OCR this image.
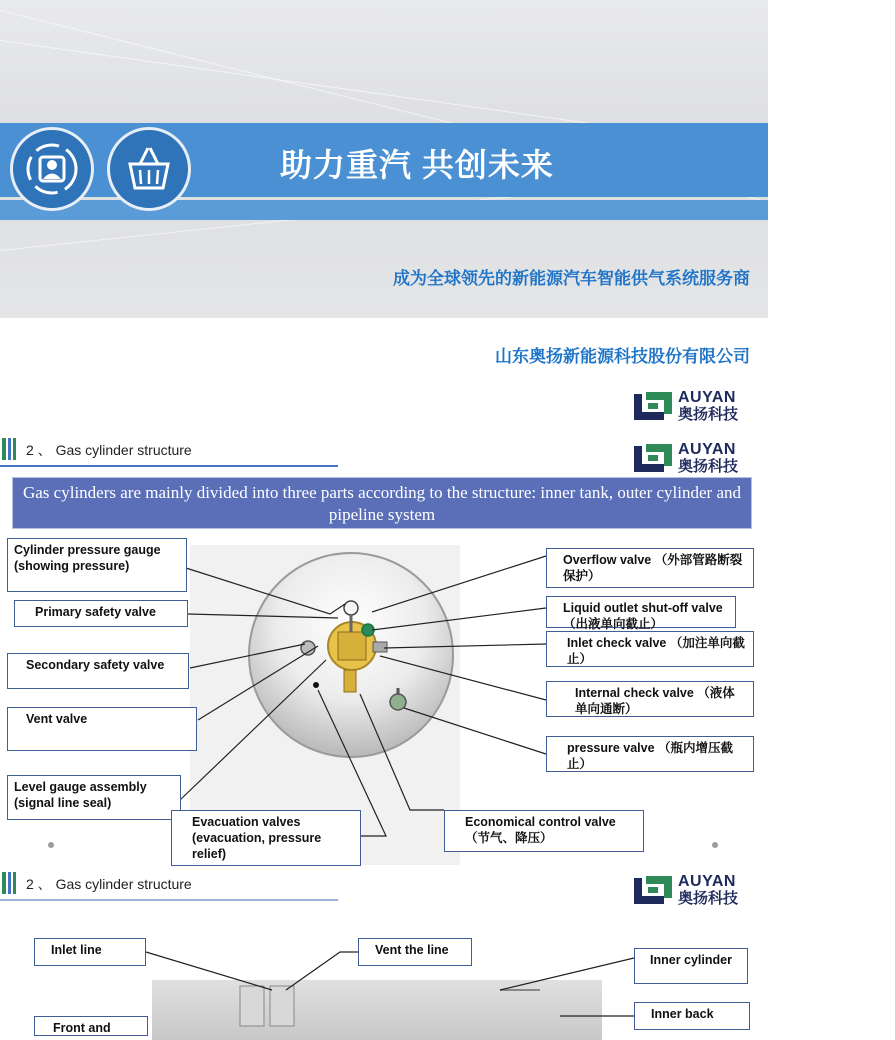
助力重汽 共创未来
成为全球领先的新能源汽车智能供气系统服务商
山东奥扬新能源科技股份有限公司
AUYAN
奥扬科技
2 、 Gas cylinder structure	AUYAN
奥扬科技
Gas cylinders are mainly divided into three parts according to the structure: inner tank, outer cylinder and pipeline system
Cylinder pressure gauge (showing pressure)
Primary safety valve
Secondary safety valve
Vent valve
Level gauge assembly (signal line seal)
Evacuation valves (evacuation, pressure relief)
Economical control valve （节气、降压）
Overflow valve （外部管路断裂保护）
Liquid outlet shut-off valve （出液单向截止）
Inlet check valve （加注单向截止）
Internal check valve （液体单向通断）
pressure valve （瓶内增压截止）
2 、 Gas cylinder structure	AUYAN
奥扬科技
Inlet line	Vent the line
Inner cylinder
Inner back
Front and
